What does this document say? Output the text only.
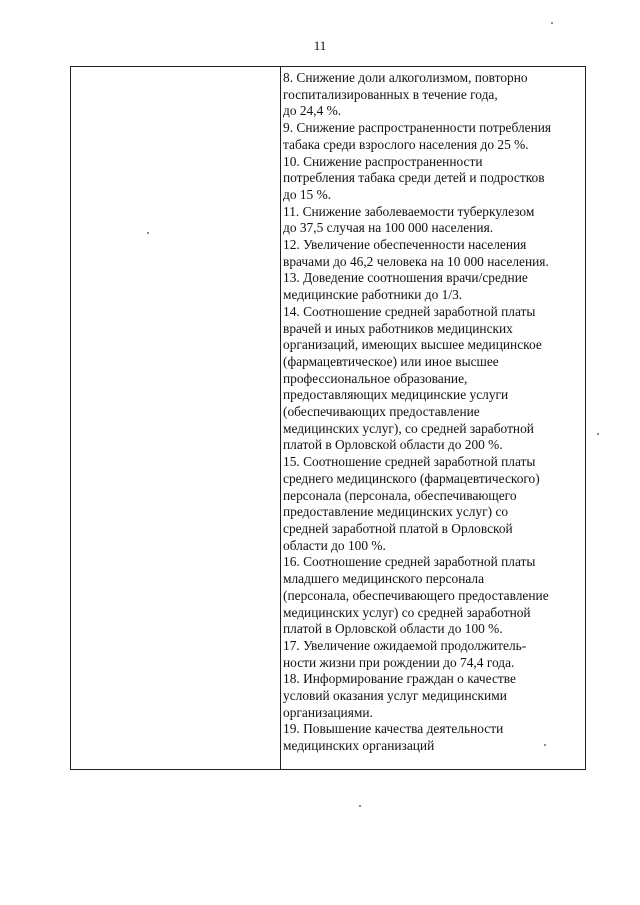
11
8. Снижение доли алкоголизмом, повторно
госпитализированных в течение года,
до 24,4 %.
9. Снижение распространенности потребления
табака среди взрослого населения до 25 %.
10. Снижение распространенности
потребления табака среди детей и подростков
до 15 %.
11. Снижение заболеваемости туберкулезом
до 37,5 случая на 100 000 населения.
12. Увеличение обеспеченности населения
врачами до 46,2 человека на 10 000 населения.
13. Доведение соотношения врачи/средние
медицинские работники до 1/3.
14. Соотношение средней заработной платы
врачей и иных работников медицинских
организаций, имеющих высшее медицинское
(фармацевтическое) или иное высшее
профессиональное образование,
предоставляющих медицинские услуги
(обеспечивающих предоставление
медицинских услуг), со средней заработной
платой в Орловской области до 200 %.
15. Соотношение средней заработной платы
среднего медицинского (фармацевтического)
персонала (персонала, обеспечивающего
предоставление медицинских услуг) со
средней заработной платой в Орловской
области до 100 %.
16. Соотношение средней заработной платы
младшего медицинского персонала
(персонала, обеспечивающего предоставление
медицинских услуг) со средней заработной
платой в Орловской области до 100 %.
17. Увеличение ожидаемой продолжитель-
ности жизни при рождении до 74,4 года.
18. Информирование граждан о качестве
условий оказания услуг медицинскими
организациями.
19. Повышение качества деятельности
медицинских организаций
